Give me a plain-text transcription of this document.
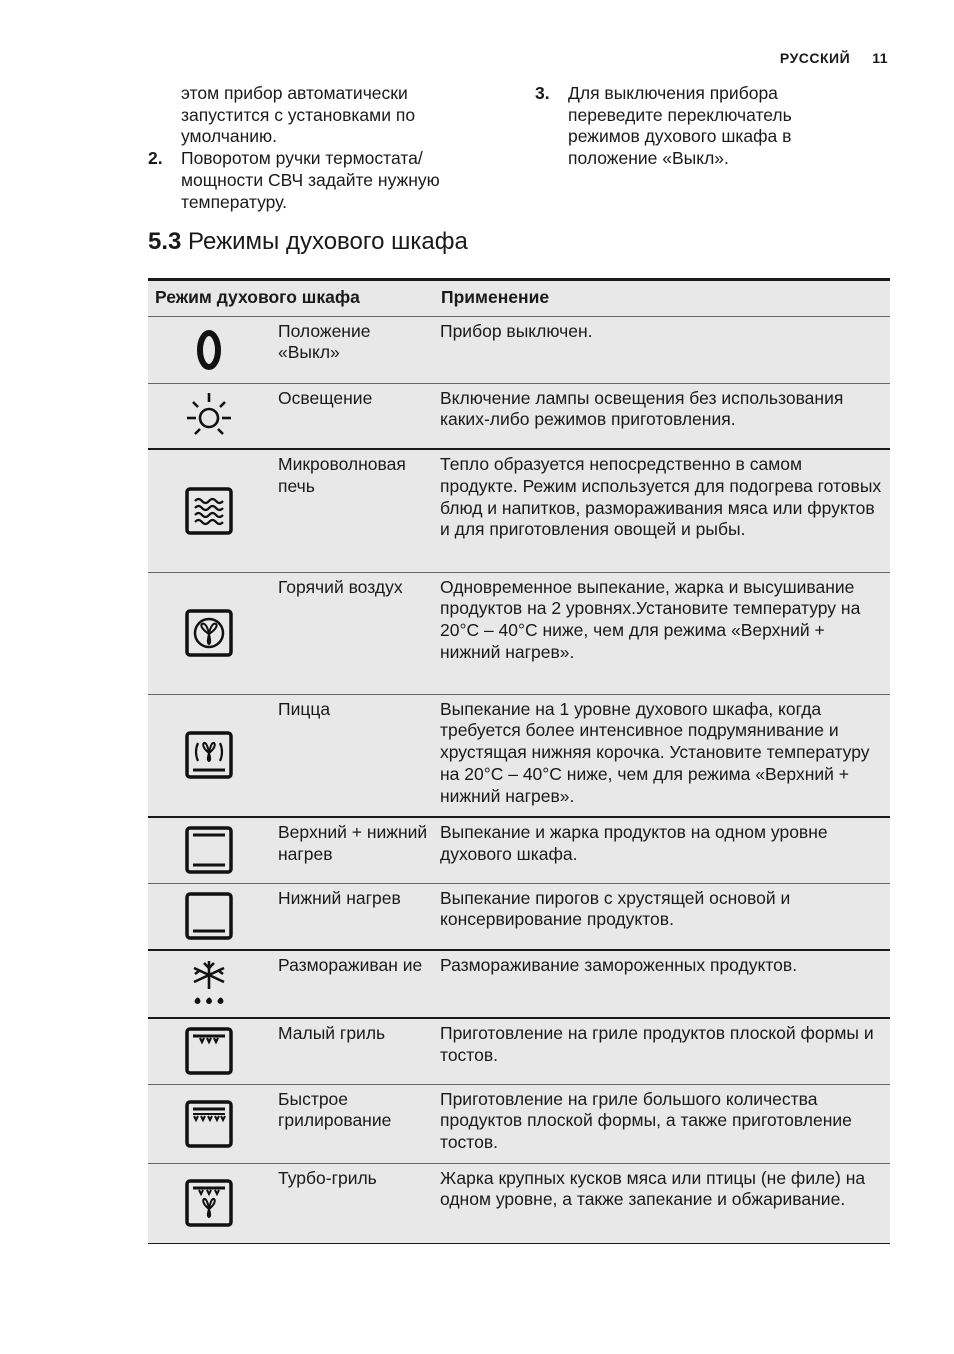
РУССКИЙ 11
этом прибор автоматически запустится с установками по умолчанию.
2. Поворотом ручки термостата/ мощности СВЧ задайте нужную температуру.
3. Для выключения прибора переведите переключатель режимов духового шкафа в положение «Выкл».
5.3 Режимы духового шкафа
Режим духового шкафа		Применение

	Положение «Выкл»	Прибор выключен.

	Освещение	Включение лампы освещения без использования каких-либо режимов приготовления.

	Микроволновая печь	Тепло образуется непосредственно в самом продукте. Режим используется для подогрева готовых блюд и напитков, размораживания мяса или фруктов и для приготовления овощей и рыбы.

	Горячий воздух	Одновременное выпекание, жарка и высушивание продуктов на 2 уровнях.Установите температуру на 20°C – 40°C ниже, чем для режима «Верхний + нижний нагрев».

	Пицца	Выпекание на 1 уровне духового шкафа, когда требуется более интенсивное подрумянивание и хрустящая нижняя корочка. Установите температуру на 20°C – 40°C ниже, чем для режима «Верхний + нижний нагрев».

	Верхний + нижний нагрев	Выпекание и жарка продуктов на одном уровне духового шкафа.

	Нижний нагрев	Выпекание пирогов с хрустящей основой и консервирование продуктов.

	Размораживан ие	Размораживание замороженных продуктов.

	Малый гриль	Приготовление на гриле продуктов плоской формы и тостов.

	Быстрое грилирование	Приготовление на гриле большого количества продуктов плоской формы, а также приготовление тостов.

	Турбо-гриль	Жарка крупных кусков мяса или птицы (не филе) на одном уровне, а также запекание и обжаривание.
